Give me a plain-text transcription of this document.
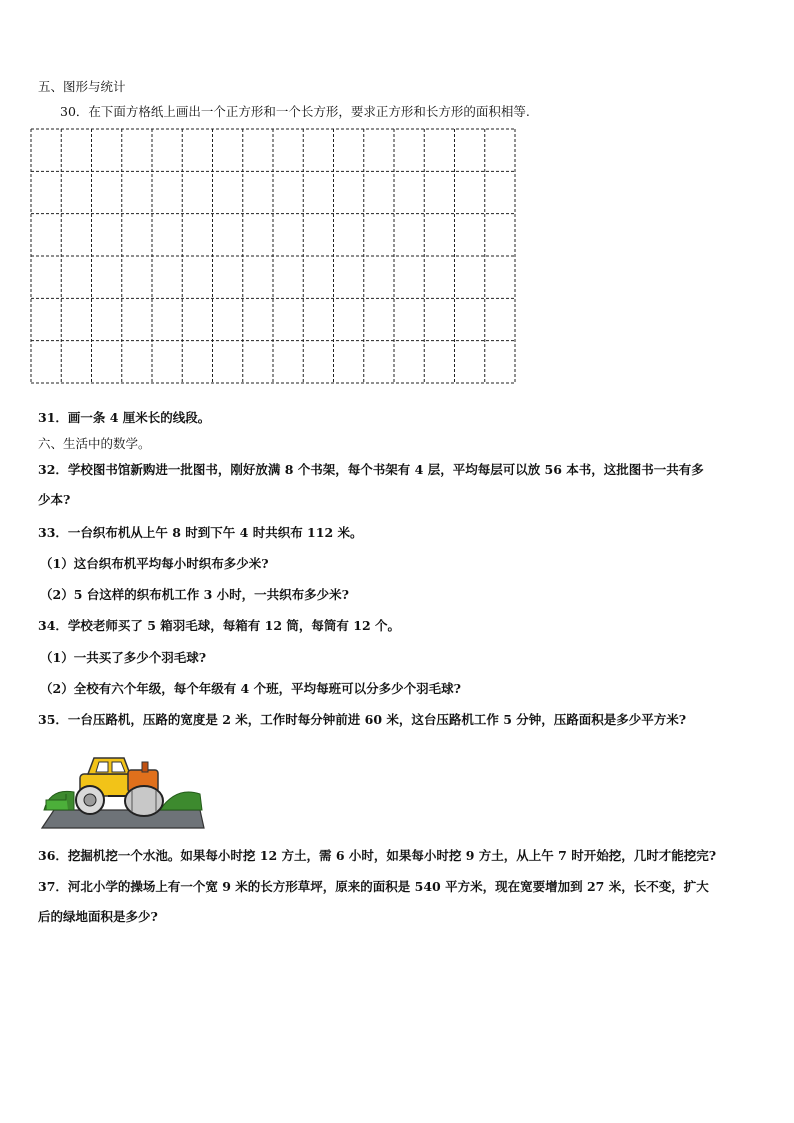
五、图形与统计
30．在下面方格纸上画出一个正方形和一个长方形，要求正方形和长方形的面积相等.
31．画一条 4 厘米长的线段。
六、生活中的数学。
32．学校图书馆新购进一批图书，刚好放满 8 个书架，每个书架有 4 层，平均每层可以放 56 本书，这批图书一共有多
少本?
33．一台织布机从上午 8 时到下午 4 时共织布 112 米。
（1）这台织布机平均每小时织布多少米?
（2）5 台这样的织布机工作 3 小时，一共织布多少米?
34．学校老师买了 5 箱羽毛球，每箱有 12 筒，每筒有 12 个。
（1）一共买了多少个羽毛球?
（2）全校有六个年级，每个年级有 4 个班，平均每班可以分多少个羽毛球?
35．一台压路机，压路的宽度是 2 米，工作时每分钟前进 60 米，这台压路机工作 5 分钟，压路面积是多少平方米?
36．挖掘机挖一个水池。如果每小时挖 12 方土，需 6 小时，如果每小时挖 9 方土，从上午 7 时开始挖，几时才能挖完?
37．河北小学的操场上有一个宽 9 米的长方形草坪，原来的面积是 540 平方米，现在宽要增加到 27 米，长不变，扩大
后的绿地面积是多少?
